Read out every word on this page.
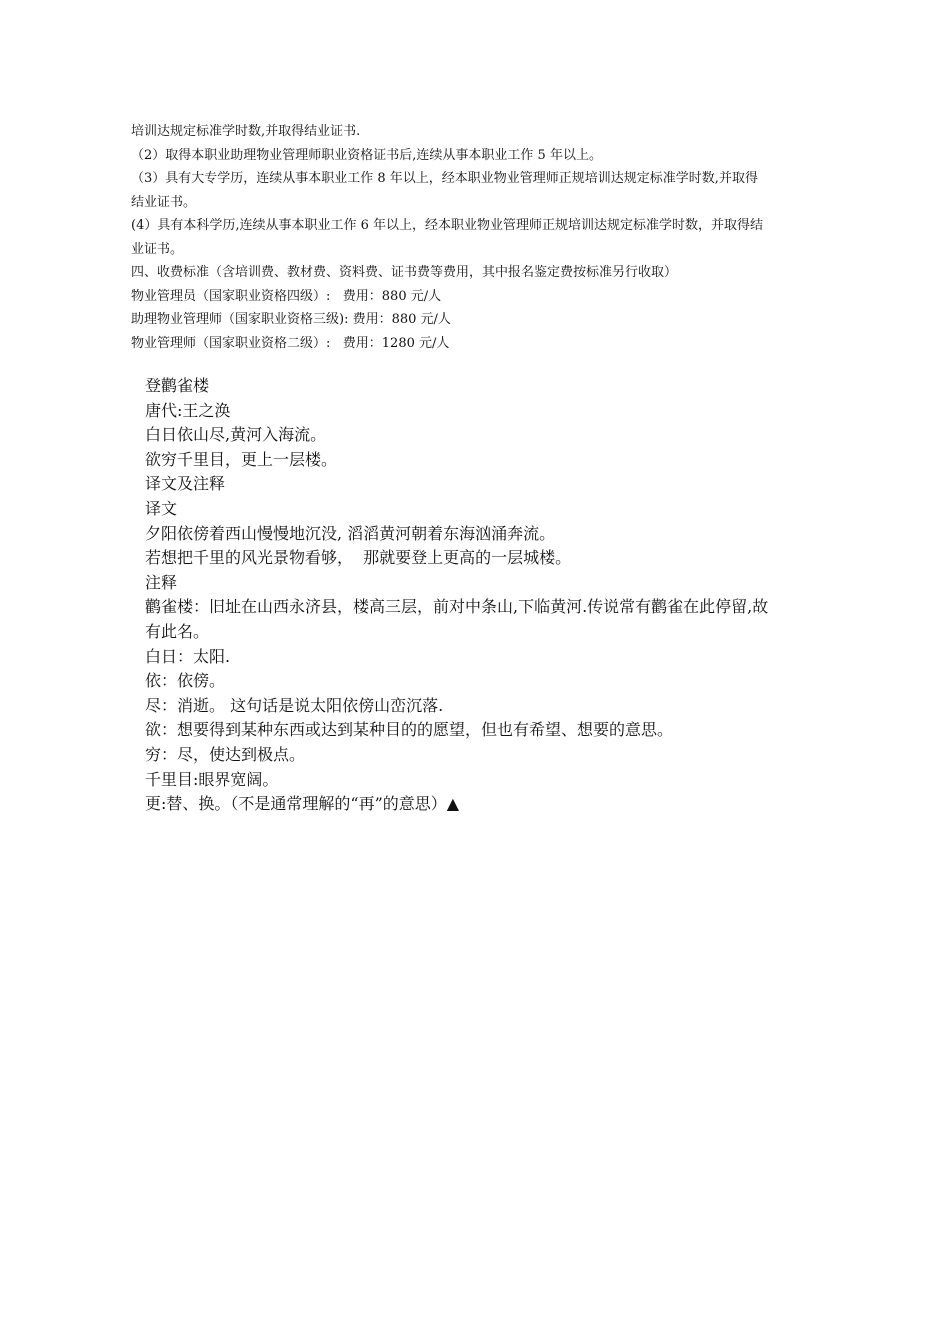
培训达规定标准学时数,并取得结业证书.

（2）取得本职业助理物业管理师职业资格证书后,连续从事本职业工作 5 年以上。

（3）具有大专学历，连续从事本职业工作 8 年以上，经本职业物业管理师正规培训达规定标准学时数,并取得

结业证书。

(4）具有本科学历,连续从事本职业工作 6 年以上，经本职业物业管理师正规培训达规定标准学时数，并取得结

业证书。

四、收费标准（含培训费、教材费、资料费、证书费等费用，其中报名鉴定费按标准另行收取）

物业管理员（国家职业资格四级）:   费用：880 元/人

助理物业管理师（国家职业资格三级): 费用：880 元/人

物业管理师（国家职业资格二级）:   费用：1280 元/人

登鹳雀楼

唐代:王之涣

白日依山尽,黄河入海流。

欲穷千里目，更上一层楼。

译文及注释

译文

夕阳依傍着西山慢慢地沉没, 滔滔黄河朝着东海汹涌奔流。

若想把千里的风光景物看够，  那就要登上更高的一层城楼。

注释

鹳雀楼：旧址在山西永济县，楼高三层，前对中条山,下临黄河.传说常有鹳雀在此停留,故

有此名。

白日：太阳.

依：依傍。

尽：消逝。 这句话是说太阳依傍山峦沉落.

欲：想要得到某种东西或达到某种目的的愿望，但也有希望、想要的意思。

穷：尽，使达到极点。

千里目:眼界宽阔。

更:替、换。（不是通常理解的“再”的意思）▲
